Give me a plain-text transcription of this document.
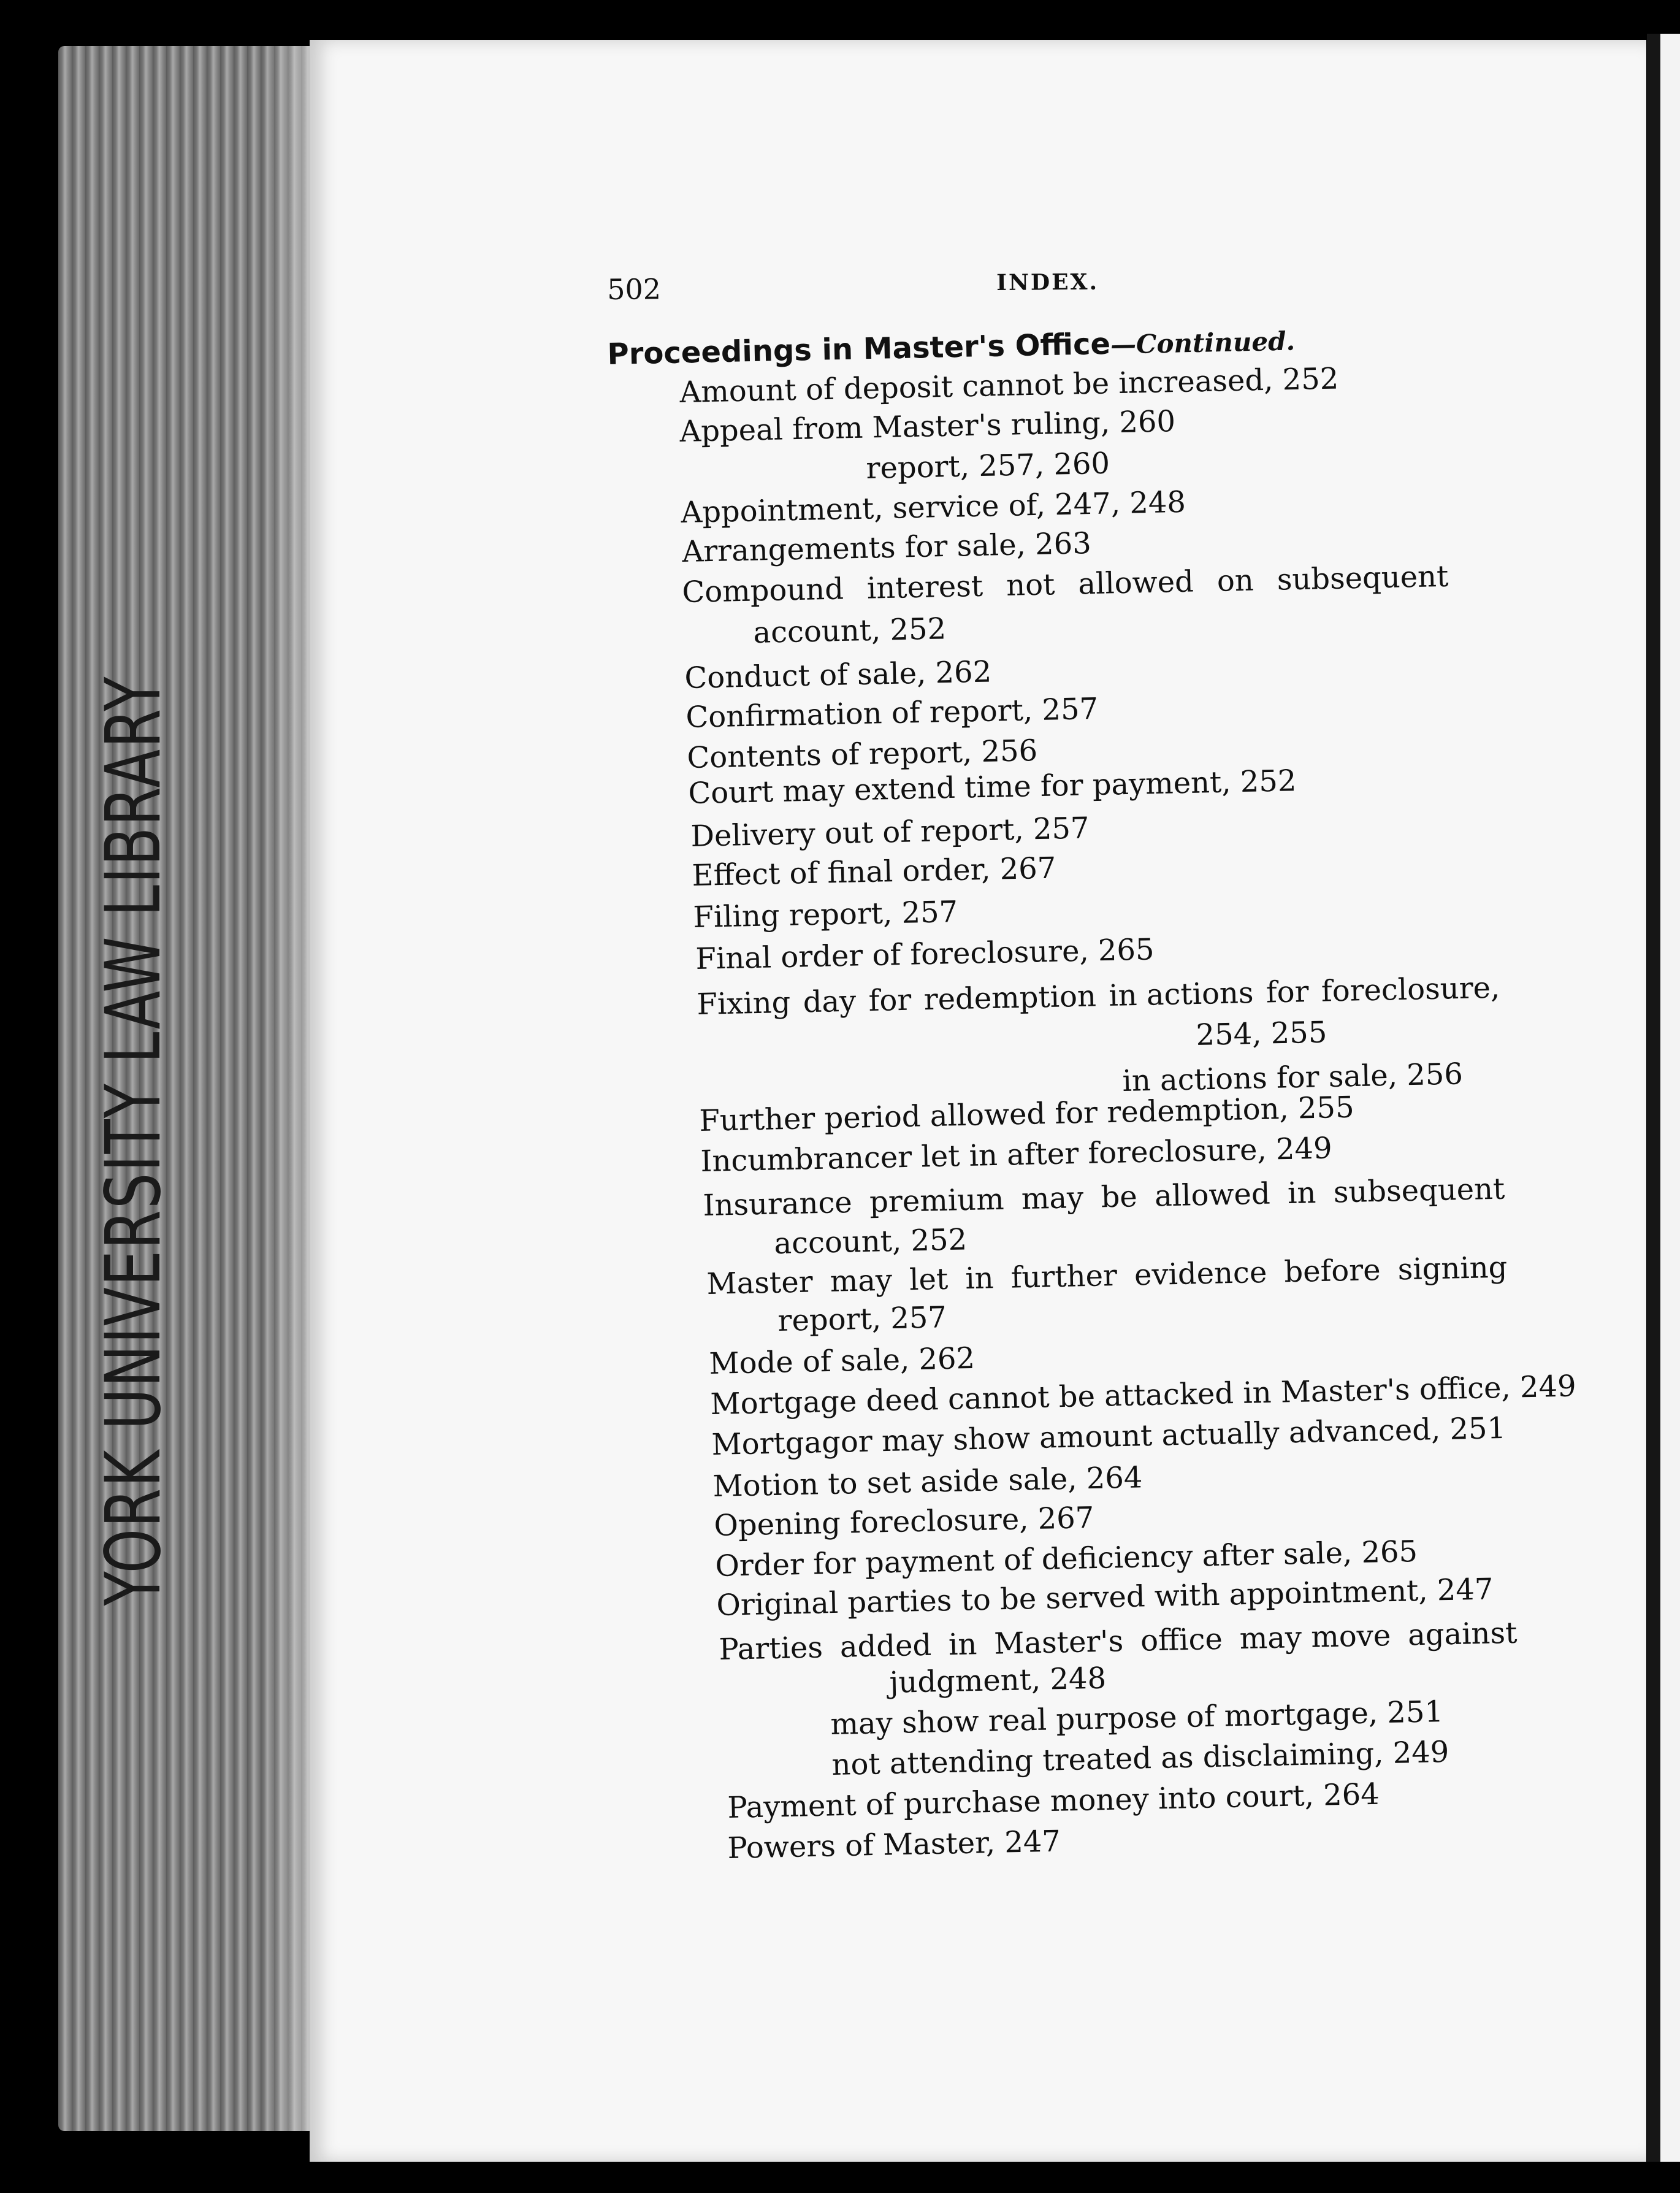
YORK UNIVERSITY LAW LIBRARY
502	INDEX.
Proceedings in Master's Office—Continued.
Amount of deposit cannot be increased, 252
Appeal from Master's ruling, 260
report, 257, 260
Appointment, service of, 247, 248
Arrangements for sale, 263
Compound interest not allowed on subsequent
account, 252
Conduct of sale, 262
Confirmation of report, 257
Contents of report, 256
Court may extend time for payment, 252
Delivery out of report, 257
Effect of final order, 267
Filing report, 257
Final order of foreclosure, 265
Fixing day for redemption in actions for foreclosure,
254, 255
in actions for sale, 256
Further period allowed for redemption, 255
Incumbrancer let in after foreclosure, 249
Insurance premium may be allowed in subsequent
account, 252
Master may let in further evidence before signing
report, 257
Mode of sale, 262
Mortgage deed cannot be attacked in Master's office, 249
Mortgagor may show amount actually advanced, 251
Motion to set aside sale, 264
Opening foreclosure, 267
Order for payment of deficiency after sale, 265
Original parties to be served with appointment, 247
Parties added in Master's office may move against
judgment, 248
may show real purpose of mortgage, 251
not attending treated as disclaiming, 249
Payment of purchase money into court, 264
Powers of Master, 247
